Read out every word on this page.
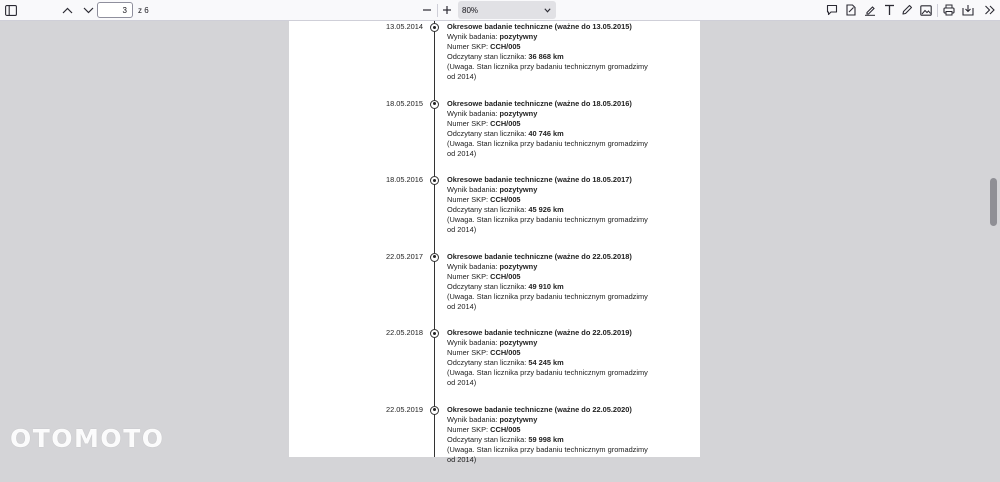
3
z 6	80%
13.05.2014	Okresowe badanie techniczne (ważne do 13.05.2015)
Wynik badania: pozytywny
Numer SKP: CCH/005
Odczytany stan licznika: 36 868 km
(Uwaga. Stan licznika przy badaniu technicznym gromadzimy od 2014)
18.05.2015	Okresowe badanie techniczne (ważne do 18.05.2016)
Wynik badania: pozytywny
Numer SKP: CCH/005
Odczytany stan licznika: 40 746 km
(Uwaga. Stan licznika przy badaniu technicznym gromadzimy od 2014)
18.05.2016	Okresowe badanie techniczne (ważne do 18.05.2017)
Wynik badania: pozytywny
Numer SKP: CCH/005
Odczytany stan licznika: 45 926 km
(Uwaga. Stan licznika przy badaniu technicznym gromadzimy od 2014)
22.05.2017	Okresowe badanie techniczne (ważne do 22.05.2018)
Wynik badania: pozytywny
Numer SKP: CCH/005
Odczytany stan licznika: 49 910 km
(Uwaga. Stan licznika przy badaniu technicznym gromadzimy od 2014)
22.05.2018	Okresowe badanie techniczne (ważne do 22.05.2019)
Wynik badania: pozytywny
Numer SKP: CCH/005
Odczytany stan licznika: 54 245 km
(Uwaga. Stan licznika przy badaniu technicznym gromadzimy od 2014)
22.05.2019	Okresowe badanie techniczne (ważne do 22.05.2020)
Wynik badania: pozytywny
Numer SKP: CCH/005
Odczytany stan licznika: 59 998 km
(Uwaga. Stan licznika przy badaniu technicznym gromadzimy od 2014)
OTOMOTO
